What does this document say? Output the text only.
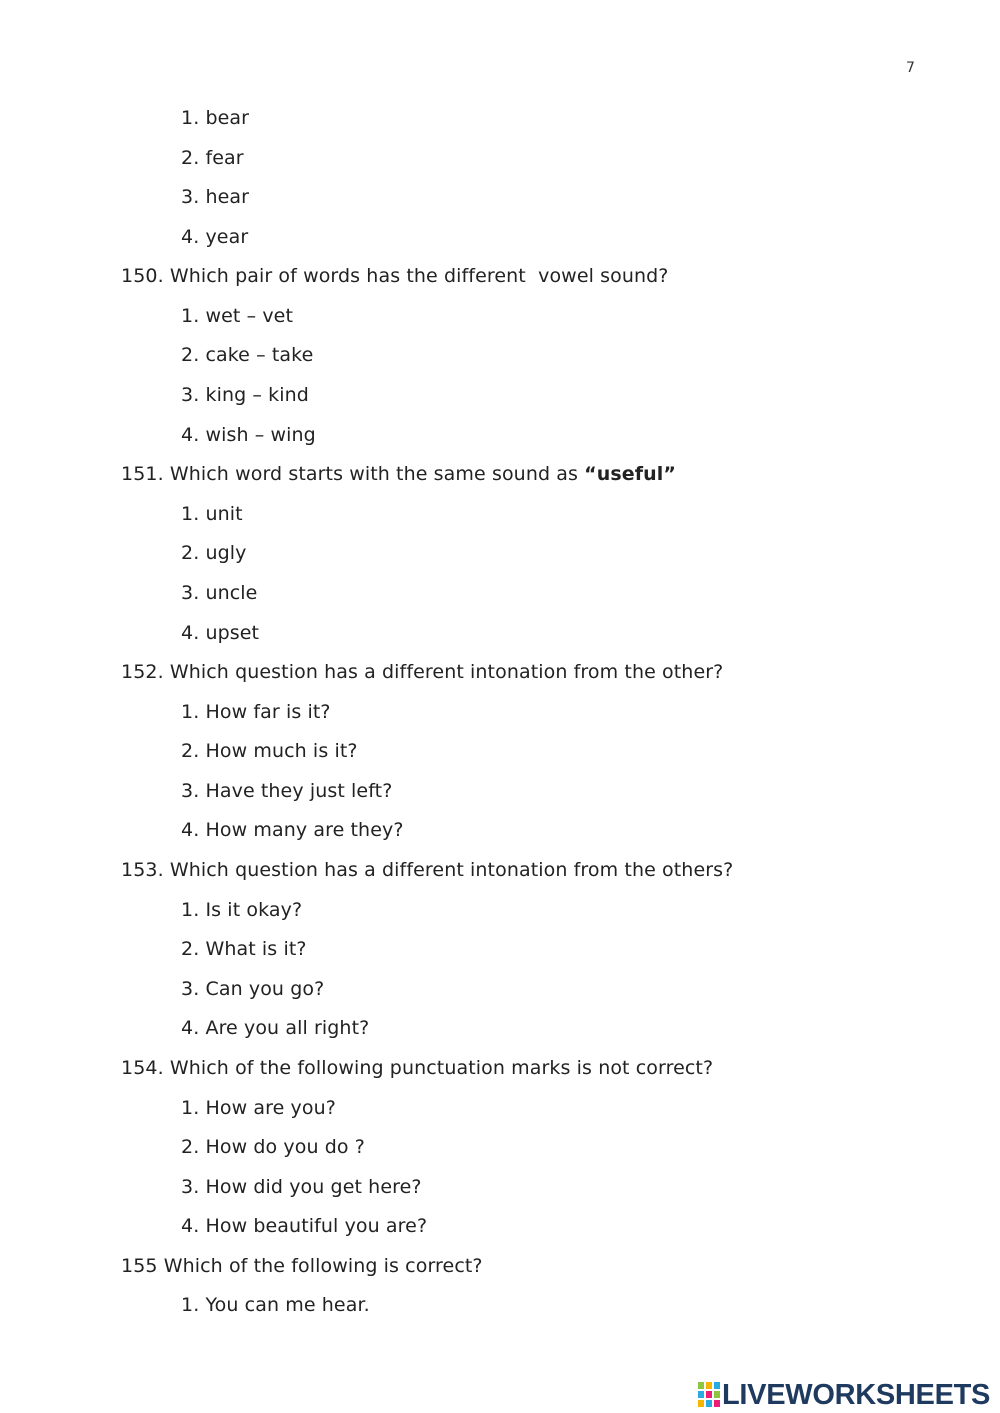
7
1. bear
2. fear
3. hear
4. year
150. Which pair of words has the different  vowel sound?
1. wet – vet
2. cake – take
3. king – kind
4. wish – wing
151. Which word starts with the same sound as “useful”
1. unit
2. ugly
3. uncle
4. upset
152. Which question has a different intonation from the other?
1. How far is it?
2. How much is it?
3. Have they just left?
4. How many are they?
153. Which question has a different intonation from the others?
1. Is it okay?
2. What is it?
3. Can you go?
4. Are you all right?
154. Which of the following punctuation marks is not correct?
1. How are you?
2. How do you do ?
3. How did you get here?
4. How beautiful you are?
155 Which of the following is correct?
1. You can me hear.
LIVEWORKSHEETS
